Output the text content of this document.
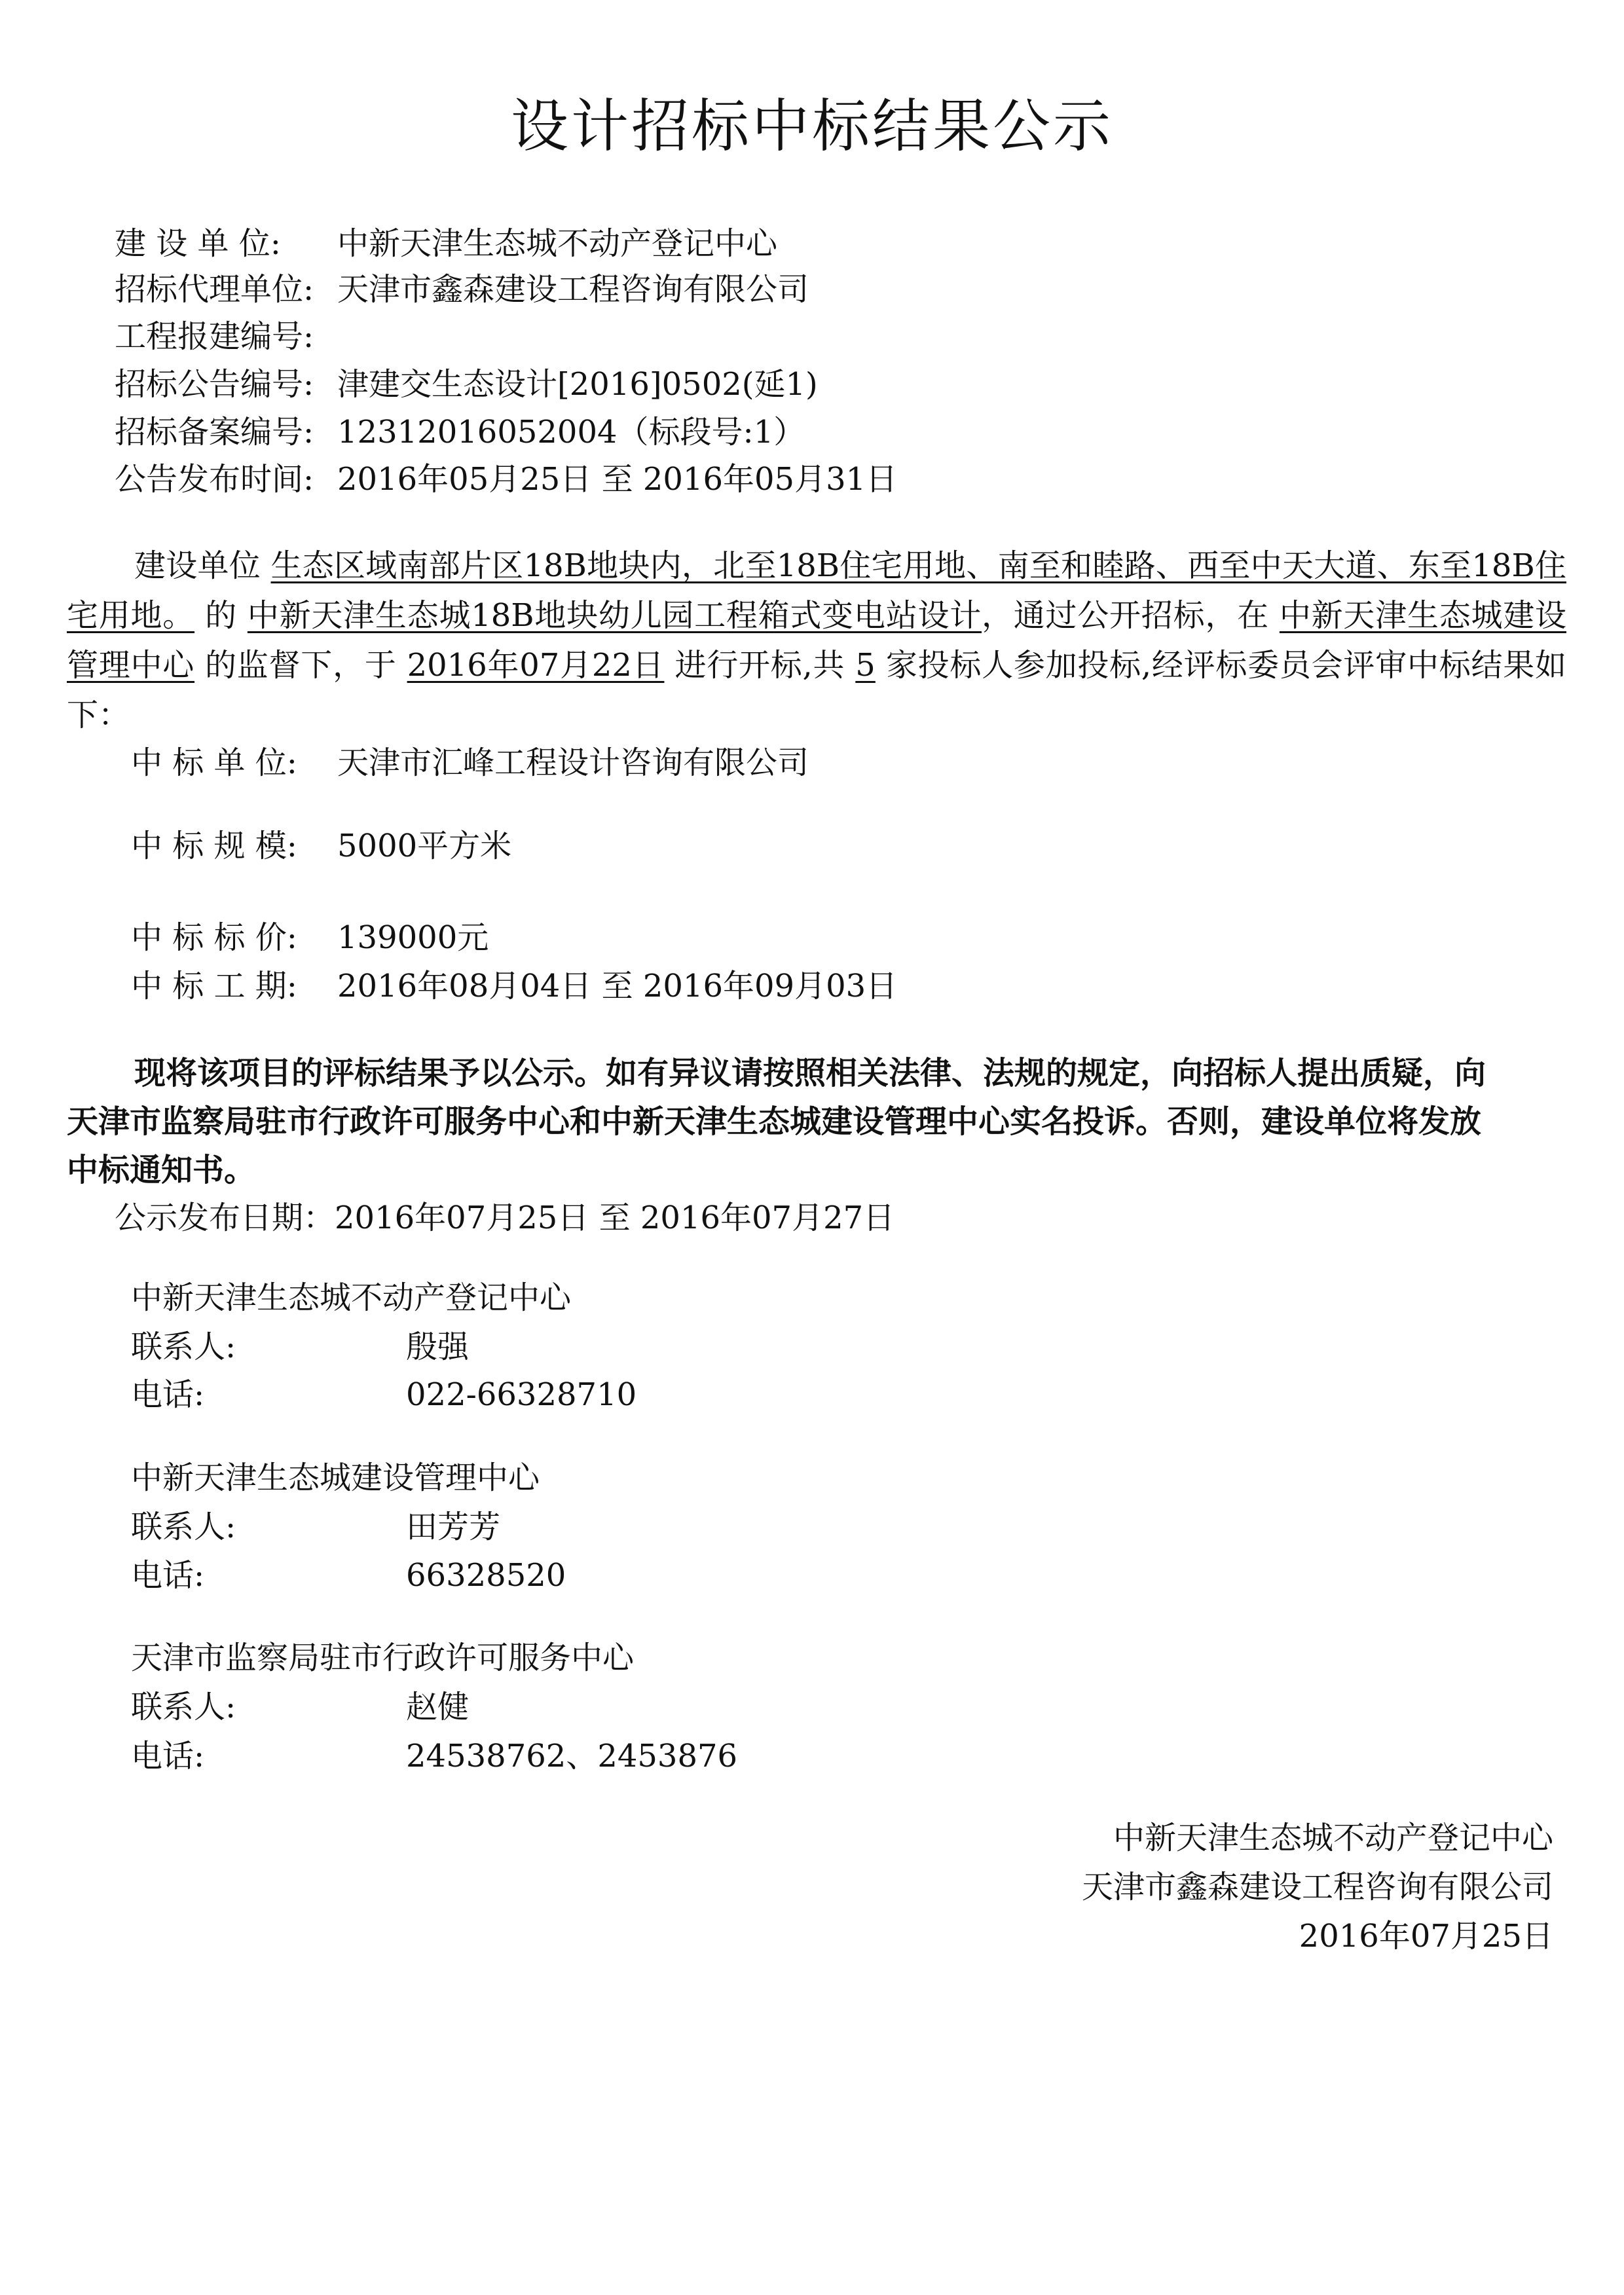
设计招标中标结果公示
建 设 单 位: 中新天津生态城不动产登记中心
招标代理单位: 天津市鑫森建设工程咨询有限公司
工程报建编号:
招标公告编号: 津建交生态设计[2016]0502(延1)
招标备案编号: 12312016052004（标段号:1）
公告发布时间: 2016年05月25日 至 2016年05月31日
建设单位 生态区域南部片区18B地块内，北至18B住宅用地、南至和睦路、西至中天大道、东至18B住宅用地。 的 中新天津生态城18B地块幼儿园工程箱式变电站设计，通过公开招标，在 中新天津生态城建设管理中心 的监督下，于 2016年07月22日 进行开标,共 5 家投标人参加投标,经评标委员会评审中标结果如下：
中 标 单 位: 天津市汇峰工程设计咨询有限公司
中 标 规 模: 5000平方米
中 标 标 价: 139000元
中 标 工 期: 2016年08月04日 至 2016年09月03日
现将该项目的评标结果予以公示。如有异议请按照相关法律、法规的规定，向招标人提出质疑，向天津市监察局驻市行政许可服务中心和中新天津生态城建设管理中心实名投诉。否则，建设单位将发放中标通知书。
公示发布日期：2016年07月25日 至 2016年07月27日
中新天津生态城不动产登记中心
联系人:	殷强
电话:	022-66328710
中新天津生态城建设管理中心
联系人:	田芳芳
电话:	66328520
天津市监察局驻市行政许可服务中心
联系人:	赵健
电话:	24538762、2453876
中新天津生态城不动产登记中心
天津市鑫森建设工程咨询有限公司
2016年07月25日
